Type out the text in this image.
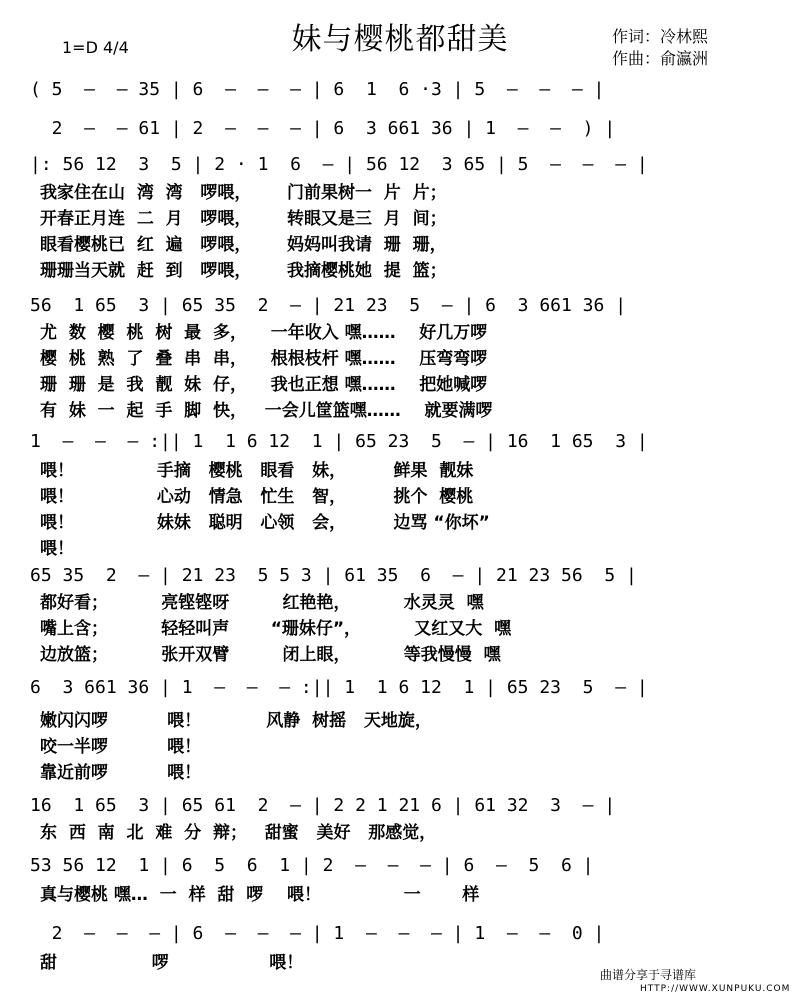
妹与樱桃都甜美
1=D 4/4
作词：冷林熙
作曲：俞瀛洲
( 5  —  — 35 | 6  —  —  — | 6  1  6 ·3 | 5  —  —  — |
2  —  — 61 | 2  —  —  — | 6  3 661 36 | 1  —  —  ) |
|: 56 12  3  5 | 2 · 1  6  — | 56 12  3 65 | 5  —  —  — |
我家住在山  湾  湾   啰喂，      门前果树一  片  片；
开春正月连  二  月   啰喂，      转眼又是三  月  间；
眼看樱桃已  红  遍   啰喂，      妈妈叫我请  珊  珊，
珊珊当天就  赶  到   啰喂，      我摘樱桃她  提  篮；
56  1 65  3 | 65 35  2  — | 21 23  5  — | 6  3 661 36 |
尤  数  樱  桃  树  最  多，    一年收入 嘿……    好几万啰
樱  桃  熟  了  叠  串  串，    根根枝杆 嘿……    压弯弯啰
珊  珊  是  我  靓  妹  仔，    我也正想 嘿……    把她喊啰
有  妹  一  起  手  脚  快，   一会儿筐篮嘿……    就要满啰
1  —  —  — :|| 1  1 6 12  1 | 65 23  5  — | 16  1 65  3 |
喂！              手摘   樱桃   眼看   妹，        鲜果  靓妹
喂！              心动   情急   忙生   智，        挑个  樱桃
喂！              妹妹   聪明   心领   会，        边骂 “你坏”
喂！
65 35  2  — | 21 23  5 5 3 | 61 35  6  — | 21 23 56  5 |
都好看；         亮铿铿呀         红艳艳，         水灵灵  嘿
嘴上含；         轻轻叫声       “珊妹仔”，         又红又大  嘿
边放篮；         张开双臂         闭上眼，         等我慢慢  嘿
6  3 661 36 | 1  —  —  — :|| 1  1 6 12  1 | 65 23  5  — |
嫩闪闪啰          喂！           风静  树摇   天地旋，
咬一半啰          喂！
靠近前啰          喂！
16  1 65  3 | 65 61  2  — | 2 2 1 21 6 | 61 32  3  — |
东  西  南  北  难  分  辩；   甜蜜   美好   那感觉，
53 56 12  1 | 6  5  6  1 | 2  —  —  — | 6  —  5  6 |
真与樱桃 嘿…  一  样  甜  啰    喂！              一       样
2  —  —  — | 6  —  —  — | 1  —  —  — | 1  —  —  0 |
甜                啰                 喂！
曲谱分享于寻谱库
HTTP://WWW.XUNPUKU.COM
